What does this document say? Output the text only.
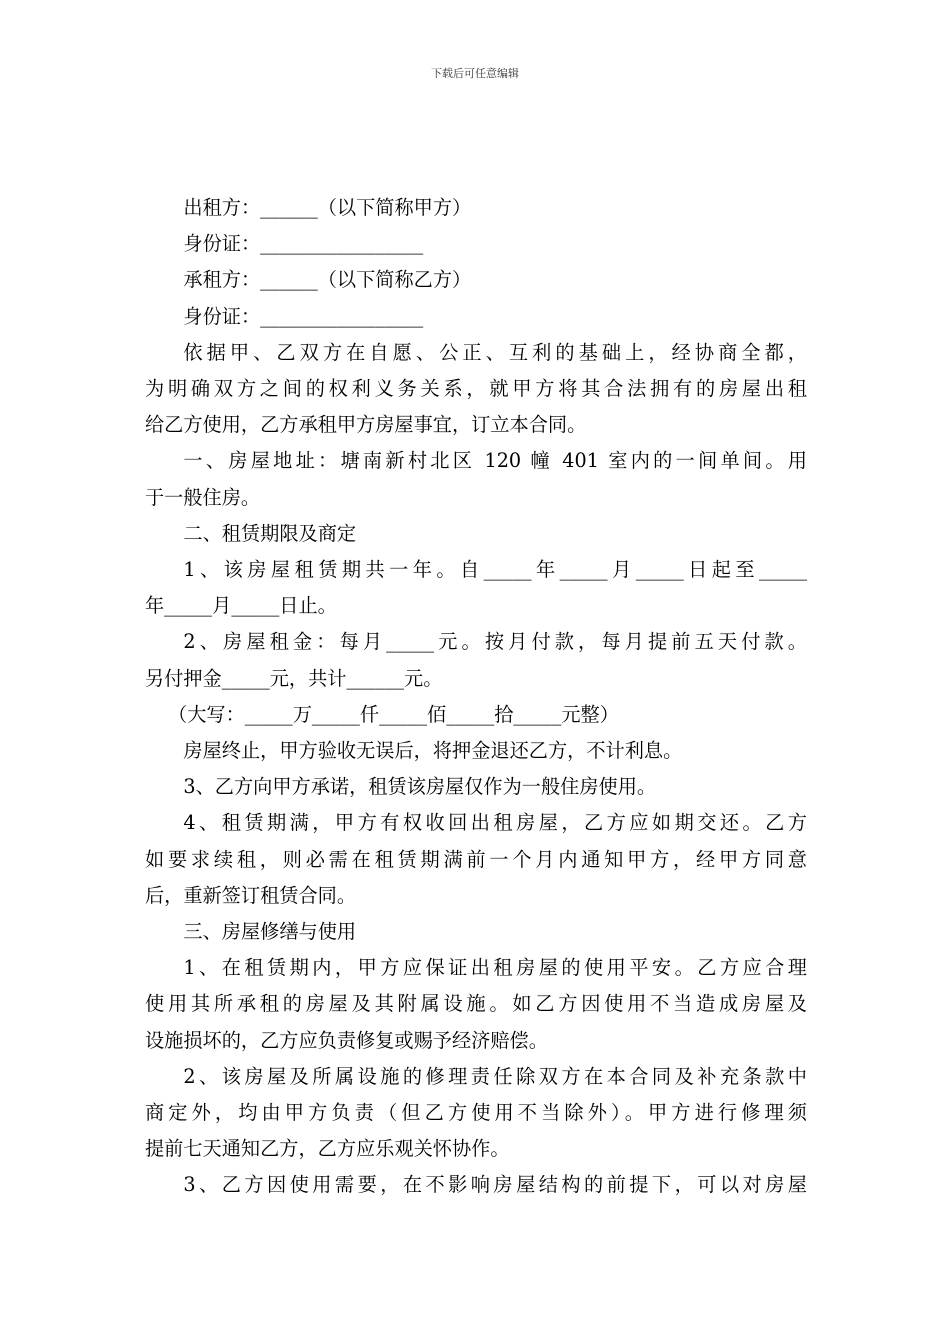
下载后可任意编辑

出租方：______（以下简称甲方）

身份证：_________________

承租方：______（以下简称乙方）

身份证：_________________

依据甲、乙双方在自愿、公正、互利的基础上，经协商全都，

为明确双方之间的权利义务关系，就甲方将其合法拥有的房屋出租

给乙方使用，乙方承租甲方房屋事宜，订立本合同。

一、房屋地址：塘南新村北区 120 幢 401 室内的一间单间。用

于一般住房。

二、租赁期限及商定

1、该房屋租赁期共一年。自_____年_____月_____日起至_____

年_____月_____日止。

2、房屋租金：每月_____元。按月付款，每月提前五天付款。

另付押金_____元，共计______元。

（大写：_____万_____仟_____佰_____拾_____元整）

房屋终止，甲方验收无误后，将押金退还乙方，不计利息。

3、乙方向甲方承诺，租赁该房屋仅作为一般住房使用。

4、租赁期满，甲方有权收回出租房屋，乙方应如期交还。乙方

如要求续租，则必需在租赁期满前一个月内通知甲方，经甲方同意

后，重新签订租赁合同。

三、房屋修缮与使用

1、在租赁期内，甲方应保证出租房屋的使用平安。乙方应合理

使用其所承租的房屋及其附属设施。如乙方因使用不当造成房屋及

设施损坏的，乙方应负责修复或赐予经济赔偿。

2、该房屋及所属设施的修理责任除双方在本合同及补充条款中

商定外，均由甲方负责（但乙方使用不当除外）。甲方进行修理须

提前七天通知乙方，乙方应乐观关怀协作。

3、乙方因使用需要，在不影响房屋结构的前提下，可以对房屋
